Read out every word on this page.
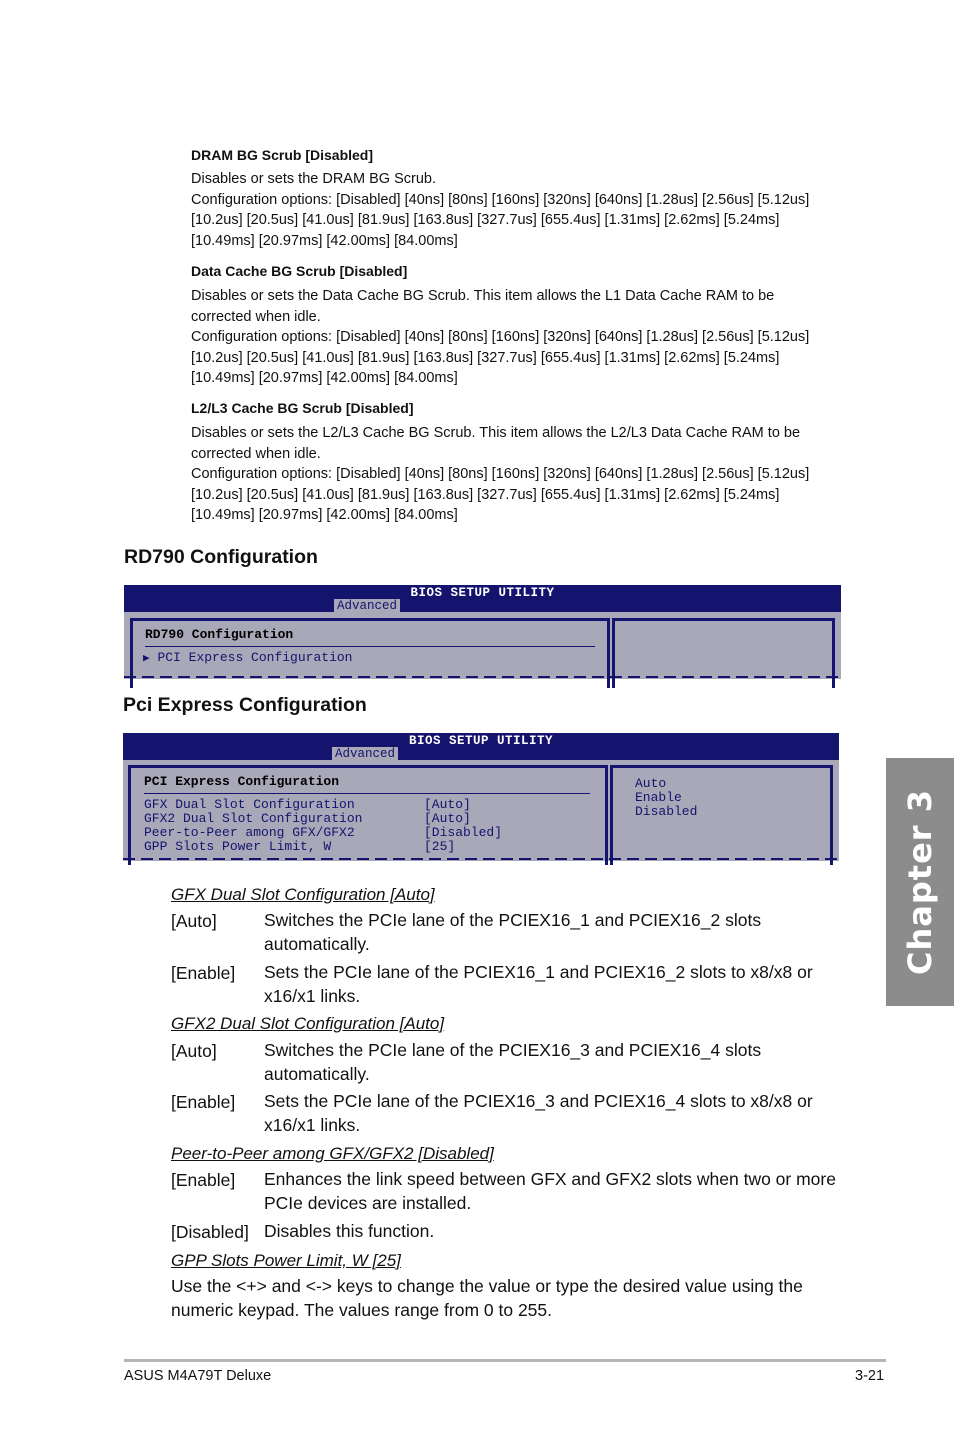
DRAM BG Scrub [Disabled]

Disables or sets the DRAM BG Scrub.

Configuration options: [Disabled] [40ns] [80ns] [160ns] [320ns] [640ns] [1.28us] [2.56us] [5.12us]

[10.2us] [20.5us] [41.0us] [81.9us] [163.8us] [327.7us] [655.4us] [1.31ms] [2.62ms] [5.24ms]

[10.49ms] [20.97ms] [42.00ms] [84.00ms]

Data Cache BG Scrub [Disabled]

Disables or sets the Data Cache BG Scrub. This item allows the L1 Data Cache RAM to be

corrected when idle.

Configuration options: [Disabled] [40ns] [80ns] [160ns] [320ns] [640ns] [1.28us] [2.56us] [5.12us]

[10.2us] [20.5us] [41.0us] [81.9us] [163.8us] [327.7us] [655.4us] [1.31ms] [2.62ms] [5.24ms]

[10.49ms] [20.97ms] [42.00ms] [84.00ms]

L2/L3 Cache BG Scrub [Disabled]

Disables or sets the L2/L3 Cache BG Scrub. This item allows the L2/L3 Data Cache RAM to be

corrected when idle.

Configuration options: [Disabled] [40ns] [80ns] [160ns] [320ns] [640ns] [1.28us] [2.56us] [5.12us]

[10.2us] [20.5us] [41.0us] [81.9us] [163.8us] [327.7us] [655.4us] [1.31ms] [2.62ms] [5.24ms]

[10.49ms] [20.97ms] [42.00ms] [84.00ms]

RD790 Configuration
BIOS SETUP UTILITY
Advanced
RD790 Configuration
▶ PCI Express Configuration
Pci Express Configuration
BIOS SETUP UTILITY
Advanced
PCI Express Configuration
GFX Dual Slot Configuration	[Auto]
GFX2 Dual Slot Configuration	[Auto]
Peer-to-Peer among GFX/GFX2	[Disabled]
GPP Slots Power Limit, W	[25]
Auto
Enable
Disabled
GFX Dual Slot Configuration [Auto]
[Auto]	Switches the PCIe lane of the PCIEX16_1 and PCIEX16_2 slots automatically.
[Enable] Sets the PCIe lane of the PCIEX16_1 and PCIEX16_2 slots to x8/x8 or x16/x1 links.
GFX2 Dual Slot Configuration [Auto]
[Auto]	Switches the PCIe lane of the PCIEX16_3 and PCIEX16_4 slots automatically.
[Enable] Sets the PCIe lane of the PCIEX16_3 and PCIEX16_4 slots to x8/x8 or x16/x1 links.
Peer-to-Peer among GFX/GFX2 [Disabled]
[Enable] Enhances the link speed between GFX and GFX2 slots when two or more PCIe devices are installed.
[Disabled] Disables this function.
GPP Slots Power Limit, W [25]
Use the <+> and <-> keys to change the value or type the desired value using the numeric keypad. The values range from 0 to 255.
Chapter 3
ASUS M4A79T Deluxe	3-21
